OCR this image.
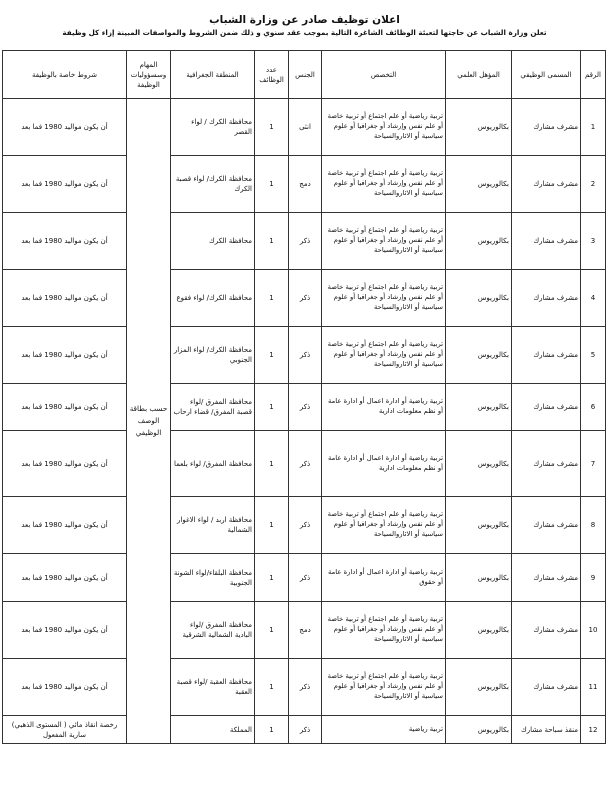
اعلان توظيف صادر عن وزارة الشباب
تعلن وزارة الشباب عن حاجتها لتعبئة الوظائف الشاغرة التالية بموجب عقد سنوي و ذلك ضمن الشروط والمواصفات المبينة إزاء كل وظيفة
الرقم	المسمى الوظيفي	المؤهل العلمي	التخصص	الجنس	عدد الوظائف	المنطقة الجغرافية	المهام وسسؤوليات الوظيفة	شروط خاصة بالوظيفة
1	مشرف مشارك	بكالوريوس	تربية رياضية أو علم اجتماع أو تربية خاصة أو علم نفس وإرشاد أو جغرافيا أو علوم سياسية أو الاثاروالسياحة	انثى	1	محافظة الكرك / لواء القصر	حسب بطاقة الوصف الوظيفي	أن يكون مواليد 1980 فما بعد
2	مشرف مشارك	بكالوريوس	تربية رياضية أو علم اجتماع أو تربية خاصة أو علم نفس وإرشاد أو جغرافيا أو علوم سياسية أو الاثاروالسياحة	دمج	1	محافظة الكرك/ لواء قصبة الكرك		أن يكون مواليد 1980 فما بعد
3	مشرف مشارك	بكالوريوس	تربية رياضية أو علم اجتماع أو تربية خاصة أو علم نفس وإرشاد أو جغرافيا أو علوم سياسية أو الاثاروالسياحة	ذكر	1	محافظة الكرك		أن يكون مواليد 1980 فما بعد
4	مشرف مشارك	بكالوريوس	تربية رياضية أو علم اجتماع أو تربية خاصة أو علم نفس وإرشاد أو جغرافيا أو علوم سياسية أو الاثاروالسياحة	ذكر	1	محافظة الكرك/ لواء فقوع		أن يكون مواليد 1980 فما بعد
5	مشرف مشارك	بكالوريوس	تربية رياضية أو علم اجتماع أو تربية خاصة أو علم نفس وإرشاد أو جغرافيا أو علوم سياسية أو الاثاروالسياحة	ذكر	1	محافظة الكرك/ لواء المزار الجنوبي		أن يكون مواليد 1980 فما بعد
6	مشرف مشارك	بكالوريوس	تربية رياضية أو ادارة اعمال أو ادارة عامة أو نظم معلومات ادارية	ذكر	1	محافظة المفرق /لواء قصبة المفرق/ قضاء ارحاب		أن يكون مواليد 1980 فما بعد
7	مشرف مشارك	بكالوريوس	تربية رياضية أو ادارة اعمال أو ادارة عامة أو نظم معلومات ادارية	ذكر	1	محافظة المفرق/ لواء بلعما		أن يكون مواليد 1980 فما بعد
8	مشرف مشارك	بكالوريوس	تربية رياضية أو علم اجتماع أو تربية خاصة أو علم نفس وإرشاد أو جغرافيا أو علوم سياسية أو الاثاروالسياحة	ذكر	1	محافظة اربد / لواء الاغوار الشمالية		أن يكون مواليد 1980 فما بعد
9	مشرف مشارك	بكالوريوس	تربية رياضية أو ادارة اعمال أو ادارة عامة أو حقوق	ذكر	1	محافظة البلقاء/لواء الشونة الجنوبية		أن يكون مواليد 1980 فما بعد
10	مشرف مشارك	بكالوريوس	تربية رياضية أو علم اجتماع أو تربية خاصة أو علم نفس وإرشاد أو جغرافيا أو علوم سياسية أو الاثاروالسياحة	دمج	1	محافظة المفرق /لواء البادية الشمالية الشرقية		أن يكون مواليد 1980 فما بعد
11	مشرف مشارك	بكالوريوس	تربية رياضية أو علم اجتماع أو تربية خاصة أو علم نفس وإرشاد أو جغرافيا أو علوم سياسية أو الاثاروالسياحة	ذكر	1	محافظة العقبة /لواء قصبة العقبة		أن يكون مواليد 1980 فما بعد
12	منقذ سباحة مشارك	بكالوريوس	تربية رياضية	ذكر	1	المملكة		رخصة انقاذ مائي ( المستوى الذهبي) سارية المفعول
